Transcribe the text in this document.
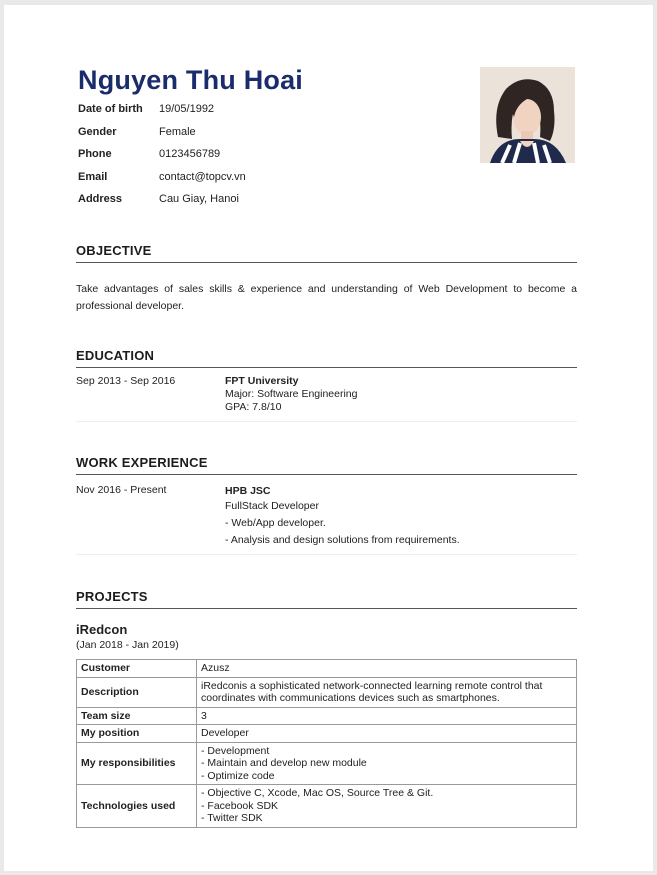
Nguyen Thu Hoai
Date of birth	19/05/1992
Gender	Female
Phone	0123456789
Email	contact@topcv.vn
Address	Cau Giay, Hanoi
OBJECTIVE

Take advantages of sales skills & experience and understanding of Web Development to become a professional developer.

EDUCATION
Sep 2013 - Sep 2016	FPT University
Major: Software Engineering
GPA: 7.8/10
WORK EXPERIENCE
Nov 2016 - Present	HPB JSC
FullStack Developer
- Web/App developer.
- Analysis and design solutions from requirements.
PROJECTS
iRedcon
(Jan 2018 - Jan 2019)
Customer	Azusz
Description	iRedconis a sophisticated network-connected learning remote control that coordinates with communications devices such as smartphones.
Team size	3
My position	Developer
My responsibilities	- Development
- Maintain and develop new module
- Optimize code

Technologies used	- Objective C, Xcode, Mac OS, Source Tree & Git.
- Facebook SDK
- Twitter SDK
